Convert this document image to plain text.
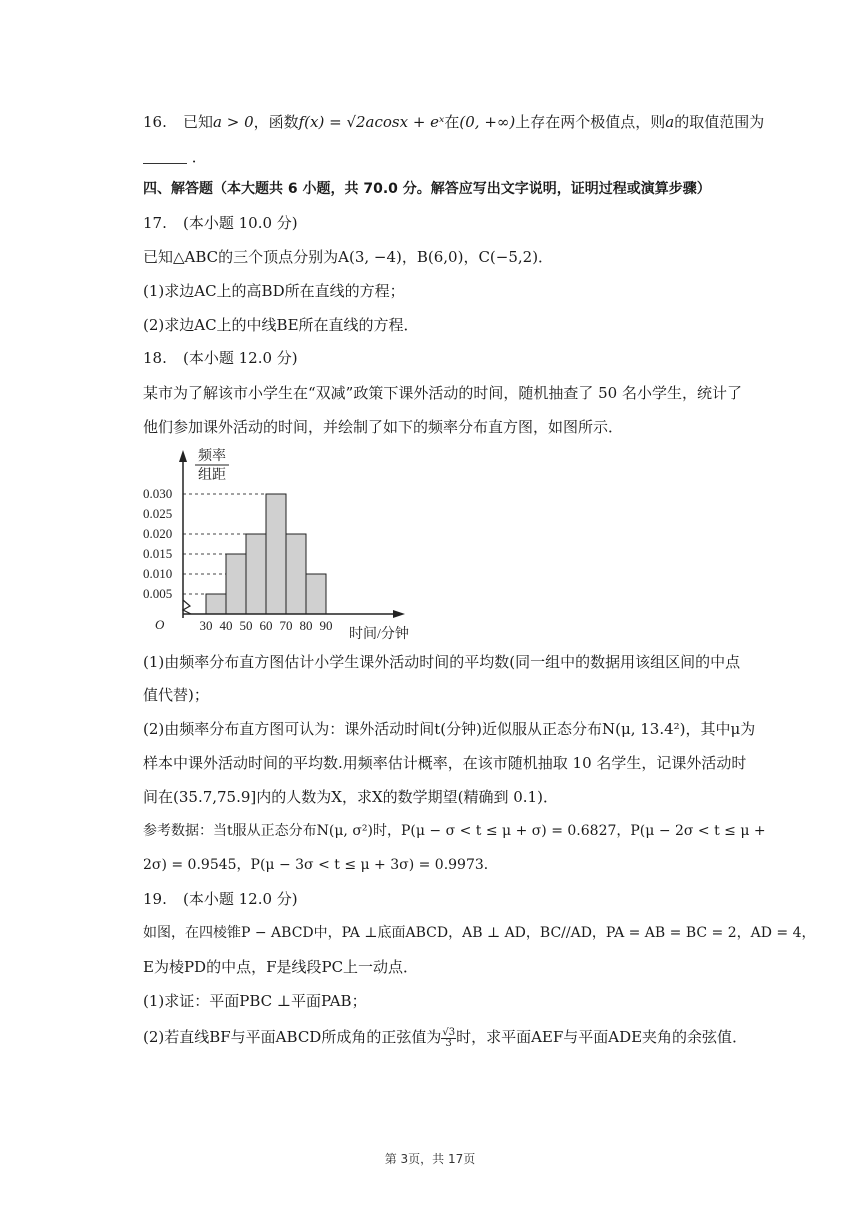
16. 已知a > 0，函数f(x) = √2acosx + eˣ在(0, +∞)上存在两个极值点，则a的取值范围为
．
四、解答题（本大题共 6 小题，共 70.0 分。解答应写出文字说明，证明过程或演算步骤）
17. (本小题 10.0 分)
已知△ABC的三个顶点分别为A(3, −4)，B(6,0)，C(−5,2)．
(1)求边AC上的高BD所在直线的方程；
(2)求边AC上的中线BE所在直线的方程．
18. (本小题 12.0 分)
某市为了解该市小学生在“双减”政策下课外活动的时间，随机抽查了 50 名小学生，统计了
他们参加课外活动的时间，并绘制了如下的频率分布直方图，如图所示．
0.030
0.025
0.020
0.015
0.010
0.005
30 40 50 60 70 80 90
频率
组距
时间/分钟
O
(1)由频率分布直方图估计小学生课外活动时间的平均数(同一组中的数据用该组区间的中点
值代替)；
(2)由频率分布直方图可认为：课外活动时间t(分钟)近似服从正态分布N(μ, 13.4²)，其中μ为
样本中课外活动时间的平均数.用频率估计概率，在该市随机抽取 10 名学生，记课外活动时
间在(35.7,75.9]内的人数为X，求X的数学期望(精确到 0.1)．
参考数据：当t服从正态分布N(μ, σ²)时，P(μ − σ < t ≤ μ + σ) = 0.6827，P(μ − 2σ < t ≤ μ +
2σ) = 0.9545，P(μ − 3σ < t ≤ μ + 3σ) = 0.9973．
19. (本小题 12.0 分)
如图，在四棱锥P − ABCD中，PA ⊥底面ABCD，AB ⊥ AD，BC//AD，PA = AB = BC = 2，AD = 4，
E为棱PD的中点，F是线段PC上一动点．
(1)求证：平面PBC ⊥平面PAB；
(2)若直线BF与平面ABCD所成角的正弦值为 $\frac{√3}{3}$ 时，求平面AEF与平面ADE夹角的余弦值．
第 3页，共 17页
